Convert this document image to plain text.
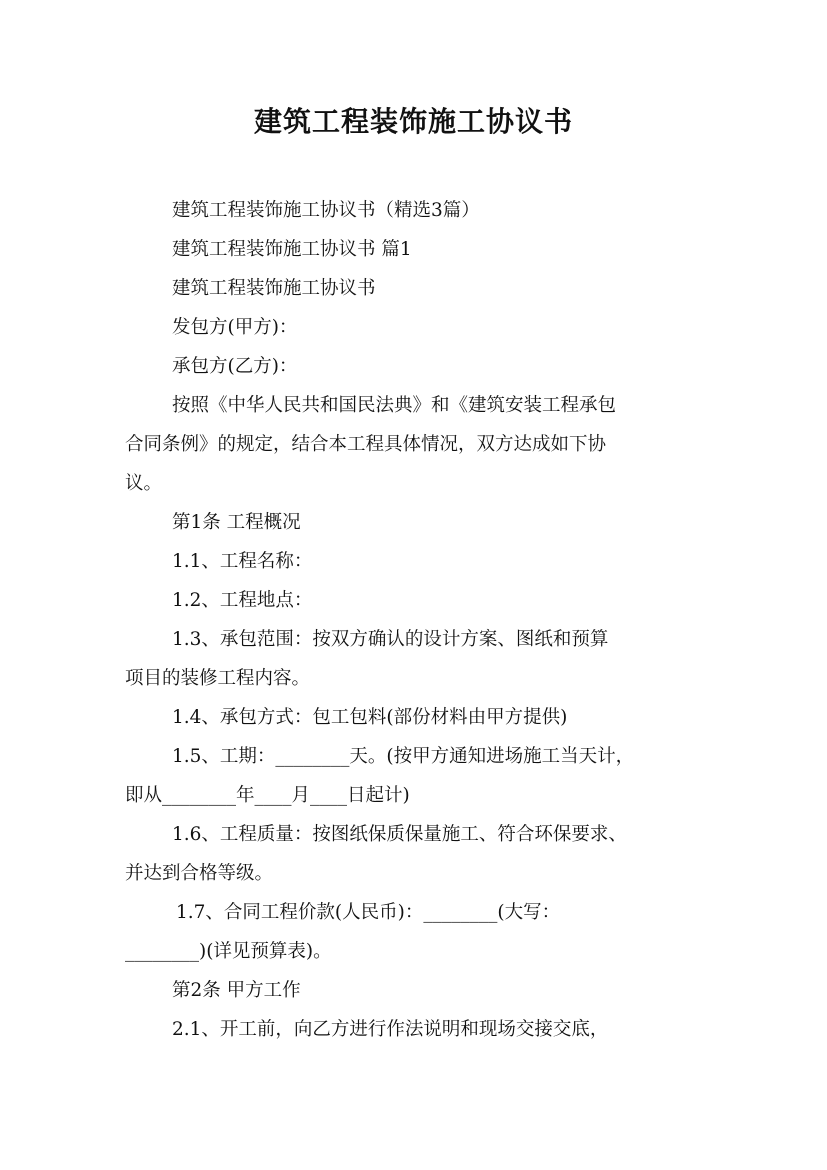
建筑工程装饰施工协议书

建筑工程装饰施工协议书（精选3篇）

建筑工程装饰施工协议书 篇1

建筑工程装饰施工协议书

发包方(甲方)：

承包方(乙方)：

按照《中华人民共和国民法典》和《建筑安装工程承包

合同条例》的规定，结合本工程具体情况，双方达成如下协

议。

第1条 工程概况

1.1、工程名称：

1.2、工程地点：

1.3、承包范围：按双方确认的设计方案、图纸和预算

项目的装修工程内容。

1.4、承包方式：包工包料(部份材料由甲方提供)

1.5、工期：________天。(按甲方通知进场施工当天计，

即从________年____月____日起计)

1.6、工程质量：按图纸保质保量施工、符合环保要求、

并达到合格等级。

1.7、合同工程价款(人民币)：________(大写：

________)(详见预算表)。

第2条 甲方工作

2.1、开工前，向乙方进行作法说明和现场交接交底，
